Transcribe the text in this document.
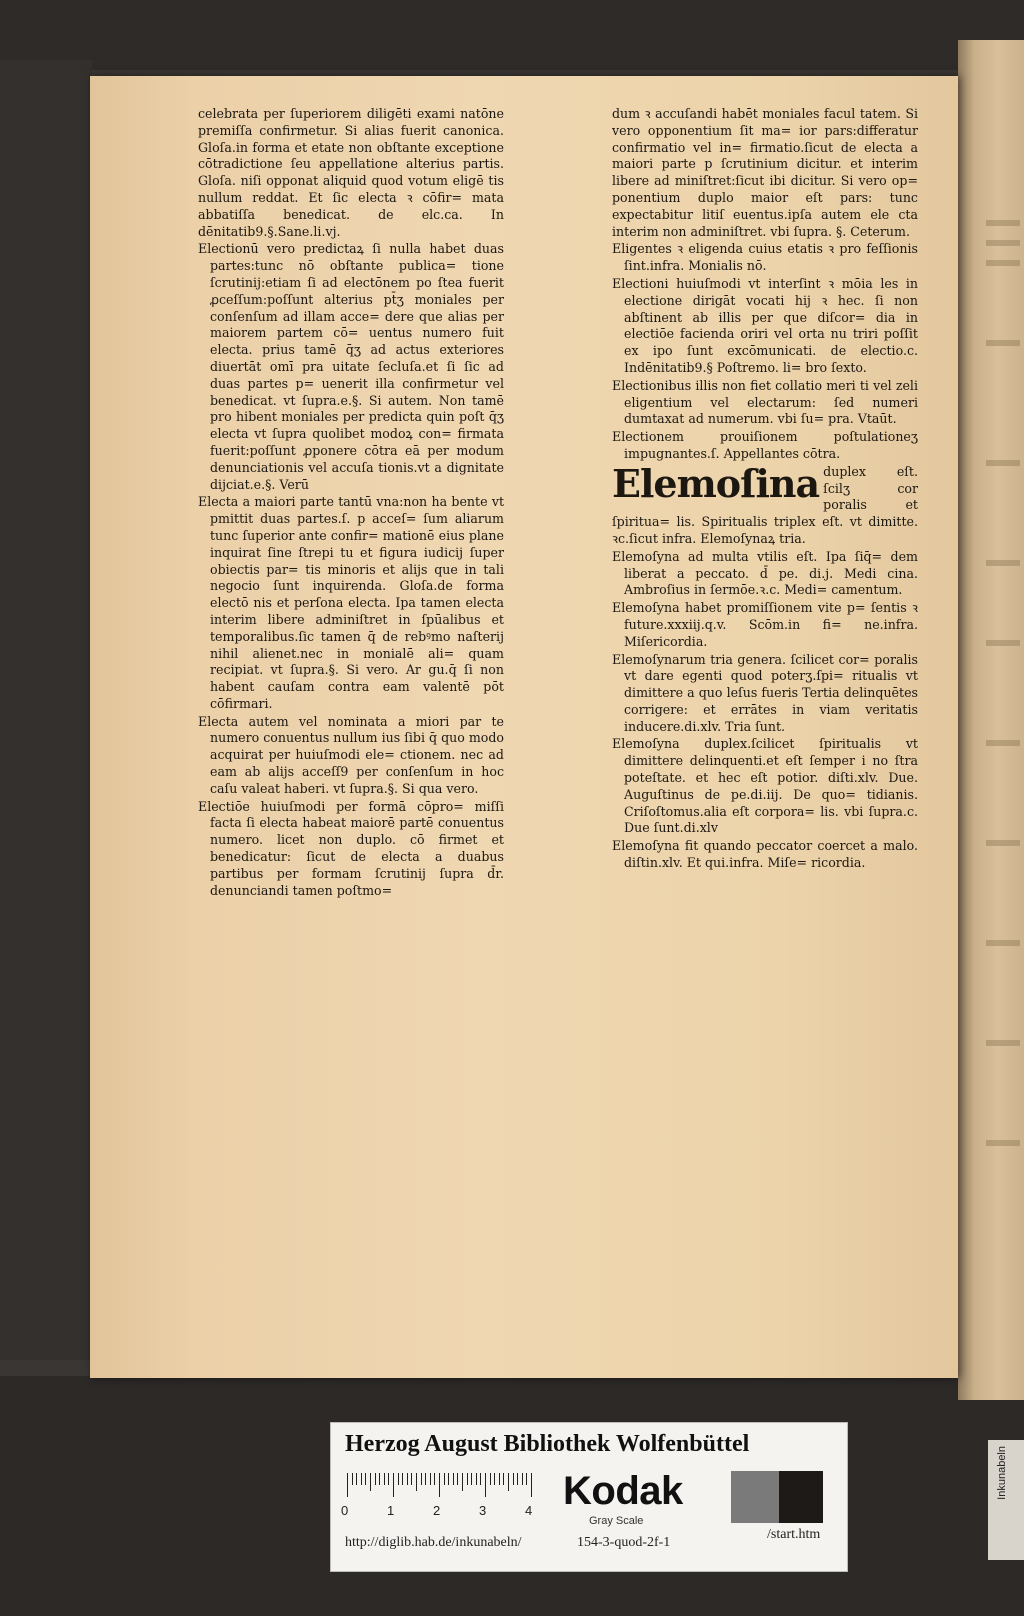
celebrata per ſuperiorem diligēti exami natōne premiſſa confirmetur. Si alias fuerit canonica. Gloſa.in forma et etate non obſtante exceptione cōtradictione ſeu appellatione alterius partis. Gloſa. niſi opponat aliquid quod votum eligē tis nullum reddat. Et ſic electa ꝛ cōfir= mata abbatiſſa benedicat. de elc.ca. In dēnitatib9.§.Sane.li.vj.

Electionū vero predictaꝝ ſi nulla habet duas partes:tunc nō obſtante publica= tione ſcrutinij:etiam ſi ad electōnem po ſtea fuerit ꝓceſſum:poſſunt alterius pt̄ʒ moniales per conſenſum ad illam acce= dere que alias per maiorem partem cō= uentus numero fuit electa. prius tamē q̄ʒ ad actus exteriores diuertāt omī pra uitate ſecluſa.et ſi ſic ad duas partes p= uenerit illa confirmetur vel benedicat. vt ſupra.e.§. Si autem. Non tamē pro hibent moniales per predicta quin poſt q̄ʒ electa vt ſupra quolibet modoꝝ con= firmata fuerit:poſſunt ꝓponere cōtra eā per modum denunciationis vel accuſa tionis.vt a dignitate dijciat.e.§. Verū

Electa a maiori parte tantū vna:non ha bente vt pmittit duas partes.ſ. p acceſ= ſum aliarum tunc ſuperior ante confir= mationē eius plane inquirat ſine ſtrepi tu et figura iudicij ſuper obiectis par= tis minoris et alijs que in tali negocio ſunt inquirenda. Gloſa.de forma electō nis et perſona electa. Ipa tamen electa interim libere adminiſtret in ſpūalibus et temporalibus.ſic tamen q̄ de rebꝰmo naſterij nihil alienet.nec in monialē ali= quam recipiat. vt ſupra.§. Si vero. Ar gu.q̄ ſi non habent cauſam contra eam valentē pōt cōfirmari.

Electa autem vel nominata a miori par te numero conuentus nullum ius ſibi q̄ quo modo acquirat per huiuſmodi ele= ctionem. nec ad eam ab alijs acceſſ9 per conſenſum in hoc caſu valeat haberi. vt ſupra.§. Si qua vero.

Electiōe huiuſmodi per formā cōpro= miſſi facta ſi electa habeat maiorē partē conuentus numero. licet non duplo. cō firmet et benedicatur: ſicut de electa a duabus partibus per formam ſcrutinij ſupra d̄r. denunciandi tamen poſtmo=

dum ꝛ accuſandi habēt moniales facul tatem. Si vero opponentium ſit ma= ior pars:differatur confirmatio vel in= firmatio.ſicut de electa a maiori parte p ſcrutinium dicitur. et interim libere ad miniſtret:ſicut ibi dicitur. Si vero op= ponentium duplo maior eſt pars: tunc expectabitur litiſ euentus.ipſa autem ele cta interim non adminiſtret. vbi ſupra. §. Ceterum.

Eligentes ꝛ eligenda cuius etatis ꝛ pro feſſionis ſint.infra. Monialis nō.

Electioni huiuſmodi vt interſint ꝛ mōia les in electione dirigāt vocati hij ꝛ hec. ſi non abſtinent ab illis per que diſcor= dia in electiōe facienda oriri vel orta nu triri poſſit ex ipo ſunt excōmunicati. de electio.c. Indēnitatib9.§ Poſtremo. li= bro ſexto.

Electionibus illis non fiet collatio meri ti vel zeli eligentium vel electarum: ſed numeri dumtaxat ad numerum. vbi ſu= pra. Vtaūt.

Electionem prouiſionem poſtulationeʒ impugnantes.ſ. Appellantes cōtra.

Elemoſina duplex eſt. ſcilʒ cor poralis et ſpiritua= lis. Spiritualis triplex eſt. vt dimitte. ꝛc.ſicut infra. Elemoſynaꝝ tria.

Elemoſyna ad multa vtilis eſt. Ipa ſiq̄= dem liberat a peccato. d̄ pe. di.j. Medi cina. Ambroſius in ſermōe.ꝛ.c. Medi= camentum.

Elemoſyna habet promiſſionem vite p= ſentis ꝛ future.xxxiij.q.v. Scōm.in fi= ne.infra. Miſericordia.

Elemoſynarum tria genera. ſcilicet cor= poralis vt dare egenti quod poterʒ.ſpi= ritualis vt dimittere a quo leſus fueris Tertia delinquētes corrigere: et errātes in viam veritatis inducere.di.xlv. Tria ſunt.

Elemoſyna duplex.ſcilicet ſpiritualis vt dimittere delinquenti.et eſt ſemper i no ſtra poteſtate. et hec eſt potior. diſti.xlv. Due. Auguſtinus de pe.di.iij. De quo= tidianis. Criſoſtomus.alia eſt corpora= lis. vbi ſupra.c. Due ſunt.di.xlv

Elemoſyna fit quando peccator coercet a malo. diſtin.xlv. Et qui.infra. Miſe= ricordia.

Herzog August Bibliothek Wolfenbüttel
0	1	2	3	4 Kodak
Gray Scale
http://diglib.hab.de/inkunabeln/	154-3-quod-2f-1
/start.htm
Inkunabeln
